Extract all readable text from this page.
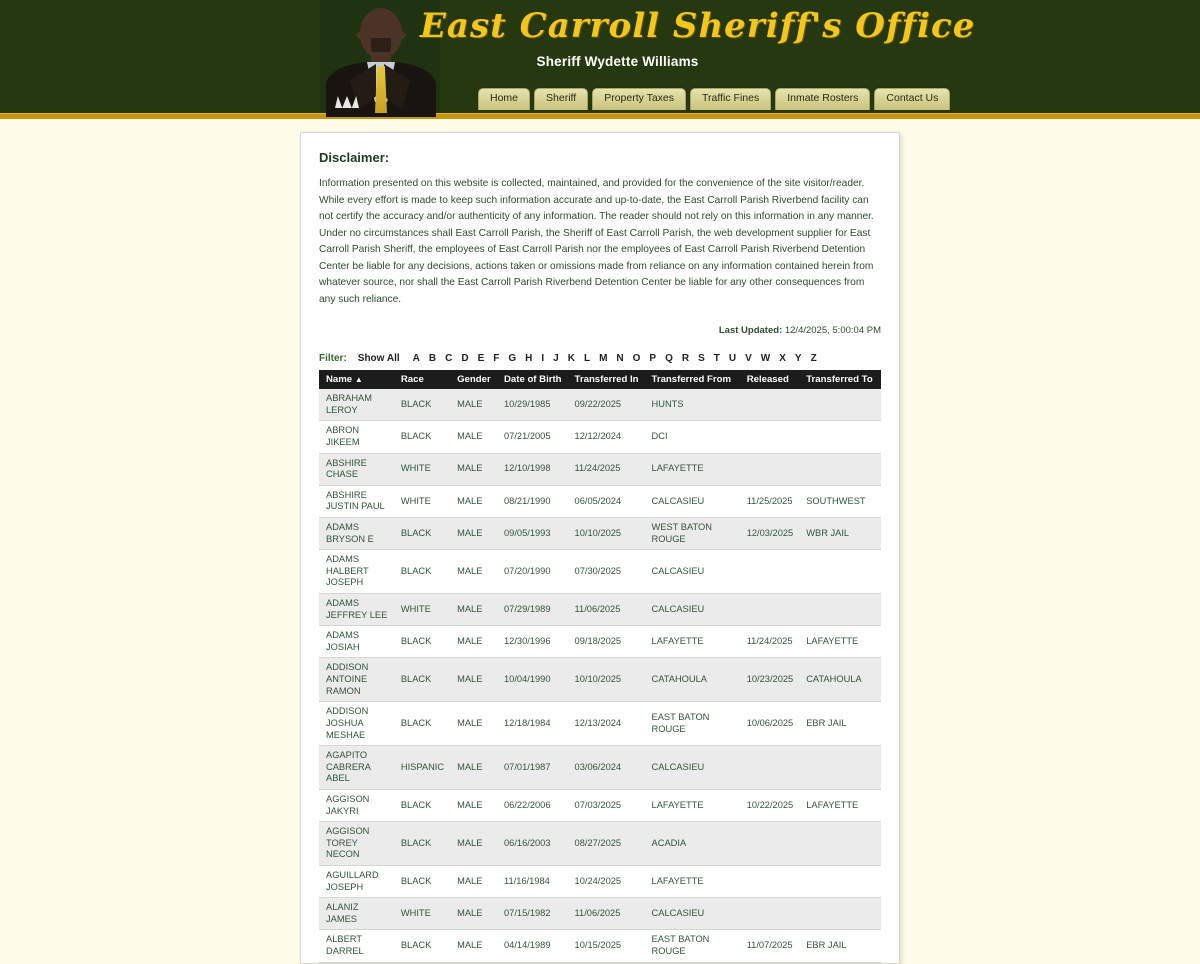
East Carroll Sheriff's Office
Sheriff Wydette Williams
Home	Sheriff	Property Taxes	Traffic Fines	Inmate Rosters	Contact Us
Disclaimer:

Information presented on this website is collected, maintained, and provided for the convenience of the site visitor/reader. While every effort is made to keep such information accurate and up-to-date, the East Carroll Parish Riverbend facility can not certify the accuracy and/or authenticity of any information. The reader should not rely on this information in any manner. Under no circumstances shall East Carroll Parish, the Sheriff of East Carroll Parish, the web development supplier for East Carroll Parish Sheriff, the employees of East Carroll Parish nor the employees of East Carroll Parish Riverbend Detention Center be liable for any decisions, actions taken or omissions made from reliance on any information contained herein from whatever source, nor shall the East Carroll Parish Riverbend Detention Center be liable for any other consequences from any such reliance.

Last Updated: 12/4/2025, 5:00:04 PM
Filter: Show All A B C D E F G H I J K L M N O P Q R S T U V W X Y Z
Name ▲	Race	Gender	Date of Birth	Transferred In	Transferred From	Released	Transferred To
ABRAHAM LEROY	BLACK	MALE	10/29/1985	09/22/2025	HUNTS		
ABRON JIKEEM	BLACK	MALE	07/21/2005	12/12/2024	DCI		
ABSHIRE CHASE	WHITE	MALE	12/10/1998	11/24/2025	LAFAYETTE		
ABSHIRE JUSTIN PAUL	WHITE	MALE	08/21/1990	06/05/2024	CALCASIEU	11/25/2025	SOUTHWEST
ADAMS BRYSON E	BLACK	MALE	09/05/1993	10/10/2025	WEST BATON ROUGE	12/03/2025	WBR JAIL
ADAMS HALBERT JOSEPH	BLACK	MALE	07/20/1990	07/30/2025	CALCASIEU		
ADAMS JEFFREY LEE	WHITE	MALE	07/29/1989	11/06/2025	CALCASIEU		
ADAMS JOSIAH	BLACK	MALE	12/30/1996	09/18/2025	LAFAYETTE	11/24/2025	LAFAYETTE
ADDISON ANTOINE RAMON	BLACK	MALE	10/04/1990	10/10/2025	CATAHOULA	10/23/2025	CATAHOULA
ADDISON JOSHUA MESHAE	BLACK	MALE	12/18/1984	12/13/2024	EAST BATON ROUGE	10/06/2025	EBR JAIL
AGAPITO CABRERA ABEL	HISPANIC	MALE	07/01/1987	03/06/2024	CALCASIEU		
AGGISON JAKYRI	BLACK	MALE	06/22/2006	07/03/2025	LAFAYETTE	10/22/2025	LAFAYETTE
AGGISON TOREY NECON	BLACK	MALE	06/16/2003	08/27/2025	ACADIA		
AGUILLARD JOSEPH	BLACK	MALE	11/16/1984	10/24/2025	LAFAYETTE		
ALANIZ JAMES	WHITE	MALE	07/15/1982	11/06/2025	CALCASIEU		
ALBERT DARREL	BLACK	MALE	04/14/1989	10/15/2025	EAST BATON ROUGE	11/07/2025	EBR JAIL
